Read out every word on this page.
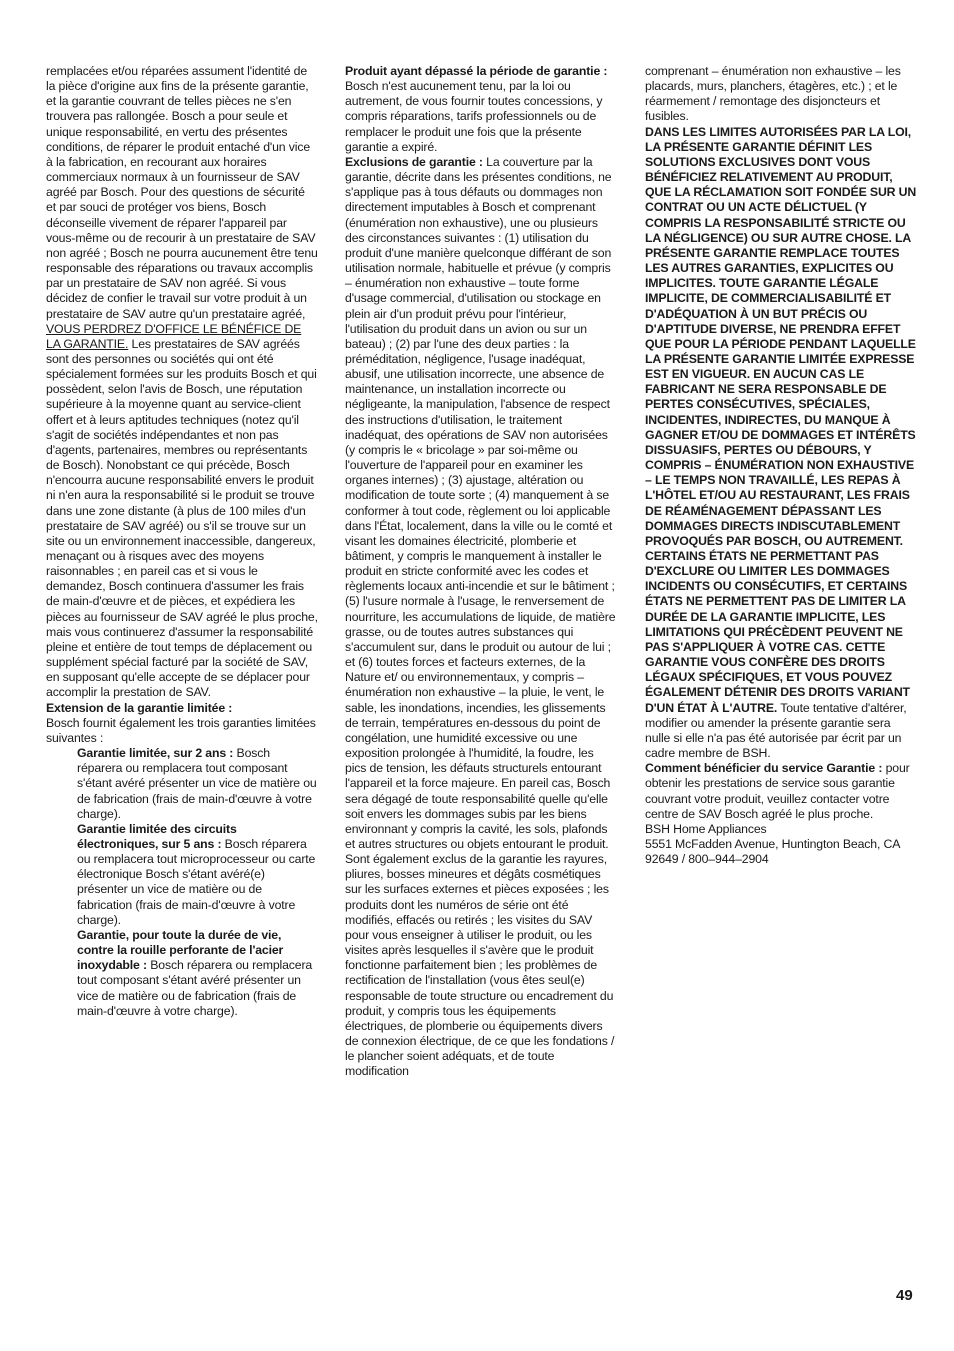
remplacées et/ou réparées assument l'identité de la pièce d'origine aux fins de la présente garantie, et la garantie couvrant de telles pièces ne s'en trouvera pas rallongée. Bosch a pour seule et unique responsabilité, en vertu des présentes conditions, de réparer le produit entaché d'un vice à la fabrication, en recourant aux horaires commerciaux normaux à un fournisseur de SAV agréé par Bosch. Pour des questions de sécurité et par souci de protéger vos biens, Bosch déconseille vivement de réparer l'appareil par vous-même ou de recourir à un prestataire de SAV non agréé ; Bosch ne pourra aucunement être tenu responsable des réparations ou travaux accomplis par un prestataire de SAV non agréé. Si vous décidez de confier le travail sur votre produit à un prestataire de SAV autre qu'un prestataire agréé, VOUS PERDREZ D'OFFICE LE BÉNÉFICE DE LA GARANTIE. Les prestataires de SAV agréés sont des personnes ou sociétés qui ont été spécialement formées sur les produits Bosch et qui possèdent, selon l'avis de Bosch, une réputation supérieure à la moyenne quant au service-client offert et à leurs aptitudes techniques (notez qu'il s'agit de sociétés indépendantes et non pas d'agents, partenaires, membres ou représentants de Bosch). Nonobstant ce qui précède, Bosch n'encourra aucune responsabilité envers le produit ni n'en aura la responsabilité si le produit se trouve dans une zone distante (à plus de 100 miles d'un prestataire de SAV agréé) ou s'il se trouve sur un site ou un environnement inaccessible, dangereux, menaçant ou à risques avec des moyens raisonnables ; en pareil cas et si vous le demandez, Bosch continuera d'assumer les frais de main-d'œuvre et de pièces, et expédiera les pièces au fournisseur de SAV agréé le plus proche, mais vous continuerez d'assumer la responsabilité pleine et entière de tout temps de déplacement ou supplément spécial facturé par la société de SAV, en supposant qu'elle accepte de se déplacer pour accomplir la prestation de SAV.

Extension de la garantie limitée :

Bosch fournit également les trois garanties limitées suivantes :

Garantie limitée, sur 2 ans : Bosch réparera ou remplacera tout composant s'étant avéré présenter un vice de matière ou de fabrication (frais de main-d'œuvre à votre charge).

Garantie limitée des circuits électroniques, sur 5 ans : Bosch réparera ou remplacera tout microprocesseur ou carte électronique Bosch s'étant avéré(e) présenter un vice de matière ou de fabrication (frais de main-d'œuvre à votre charge).

Garantie, pour toute la durée de vie, contre la rouille perforante de l'acier inoxydable : Bosch réparera ou remplacera tout composant s'étant avéré présenter un vice de matière ou de fabrication (frais de main-d'œuvre à votre charge).

Produit ayant dépassé la période de garantie : Bosch n'est aucunement tenu, par la loi ou autrement, de vous fournir toutes concessions, y compris réparations, tarifs professionnels ou de remplacer le produit une fois que la présente garantie a expiré.

Exclusions de garantie : La couverture par la garantie, décrite dans les présentes conditions, ne s'applique pas à tous défauts ou dommages non directement imputables à Bosch et comprenant (énumération non exhaustive), une ou plusieurs des circonstances suivantes : (1) utilisation du produit d'une manière quelconque différant de son utilisation normale, habituelle et prévue (y compris – énumération non exhaustive – toute forme d'usage commercial, d'utilisation ou stockage en plein air d'un produit prévu pour l'intérieur, l'utilisation du produit dans un avion ou sur un bateau) ; (2) par l'une des deux parties : la préméditation, négligence, l'usage inadéquat, abusif, une utilisation incorrecte, une absence de maintenance, un installation incorrecte ou négligeante, la manipulation, l'absence de respect des instructions d'utilisation, le traitement inadéquat, des opérations de SAV non autorisées (y compris le « bricolage » par soi-même ou l'ouverture de l'appareil pour en examiner les organes internes) ; (3) ajustage, altération ou modification de toute sorte ; (4) manquement à se conformer à tout code, règlement ou loi applicable dans l'État, localement, dans la ville ou le comté et visant les domaines électricité, plomberie et bâtiment, y compris le manquement à installer le produit en stricte conformité avec les codes et règlements locaux anti-incendie et sur le bâtiment ;

(5) l'usure normale à l'usage, le renversement de nourriture, les accumulations de liquide, de matière grasse, ou de toutes autres substances qui s'accumulent sur, dans le produit ou autour de lui ; et (6) toutes forces et facteurs externes, de la Nature et/ ou environnementaux, y compris – énumération non exhaustive – la pluie, le vent, le sable, les inondations, incendies, les glissements de terrain, températures en-dessous du point de congélation, une humidité excessive ou une exposition prolongée à l'humidité, la foudre, les pics de tension, les défauts structurels entourant l'appareil et la force majeure. En pareil cas, Bosch sera dégagé de toute responsabilité quelle qu'elle soit envers les dommages subis par les biens environnant y compris la cavité, les sols, plafonds et autres structures ou objets entourant le produit.

Sont également exclus de la garantie les rayures, pliures, bosses mineures et dégâts cosmétiques sur les surfaces externes et pièces exposées ; les produits dont les numéros de série ont été modifiés, effacés ou retirés ; les visites du SAV pour vous enseigner à utiliser le produit, ou les visites après lesquelles il s'avère que le produit fonctionne parfaitement bien ; les problèmes de rectification de l'installation (vous êtes seul(e) responsable de toute structure ou encadrement du produit, y compris tous les équipements électriques, de plomberie ou équipements divers de connexion électrique, de ce que les fondations / le plancher soient adéquats, et de toute modification

comprenant – énumération non exhaustive – les placards, murs, planchers, étagères, etc.) ; et le réarmement / remontage des disjoncteurs et fusibles.

DANS LES LIMITES AUTORISÉES PAR LA LOI, LA PRÉSENTE GARANTIE DÉFINIT LES SOLUTIONS EXCLUSIVES DONT VOUS BÉNÉFICIEZ RELATIVEMENT AU PRODUIT, QUE LA RÉCLAMATION SOIT FONDÉE SUR UN CONTRAT OU UN ACTE DÉLICTUEL (Y COMPRIS LA RESPONSABILITÉ STRICTE OU LA NÉGLIGENCE) OU SUR AUTRE CHOSE. LA PRÉSENTE GARANTIE REMPLACE TOUTES LES AUTRES GARANTIES, EXPLICITES OU IMPLICITES. TOUTE GARANTIE LÉGALE IMPLICITE, DE COMMERCIALISABILITÉ ET D'ADÉQUATION À UN BUT PRÉCIS OU D'APTITUDE DIVERSE, NE PRENDRA EFFET QUE POUR LA PÉRIODE PENDANT LAQUELLE LA PRÉSENTE GARANTIE LIMITÉE EXPRESSE EST EN VIGUEUR. EN AUCUN CAS LE FABRICANT NE SERA RESPONSABLE DE PERTES CONSÉCUTIVES, SPÉCIALES, INCIDENTES, INDIRECTES, DU MANQUE À GAGNER ET/OU DE DOMMAGES ET INTÉRÊTS DISSUASIFS, PERTES OU DÉBOURS, Y COMPRIS – ÉNUMÉRATION NON EXHAUSTIVE – LE TEMPS NON TRAVAILLÉ, LES REPAS À L'HÔTEL ET/OU AU RESTAURANT, LES FRAIS DE RÉAMÉNAGEMENT DÉPASSANT LES DOMMAGES DIRECTS INDISCUTABLEMENT PROVOQUÉS PAR BOSCH, OU AUTREMENT. CERTAINS ÉTATS NE PERMETTANT PAS D'EXCLURE OU LIMITER LES DOMMAGES INCIDENTS OU CONSÉCUTIFS, ET CERTAINS ÉTATS NE PERMETTENT PAS DE LIMITER LA DURÉE DE LA GARANTIE IMPLICITE, LES LIMITATIONS QUI PRÉCÈDENT PEUVENT NE PAS S'APPLIQUER À VOTRE CAS. CETTE GARANTIE VOUS CONFÈRE DES DROITS LÉGAUX SPÉCIFIQUES, ET VOUS POUVEZ ÉGALEMENT DÉTENIR DES DROITS VARIANT D'UN ÉTAT À L'AUTRE. Toute tentative d'altérer, modifier ou amender la présente garantie sera nulle si elle n'a pas été autorisée par écrit par un cadre membre de BSH.

Comment bénéficier du service Garantie : pour obtenir les prestations de service sous garantie couvrant votre produit, veuillez contacter votre centre de SAV Bosch agréé le plus proche.

BSH Home Appliances

5551 McFadden Avenue, Huntington Beach, CA 92649 / 800–944–2904

49
